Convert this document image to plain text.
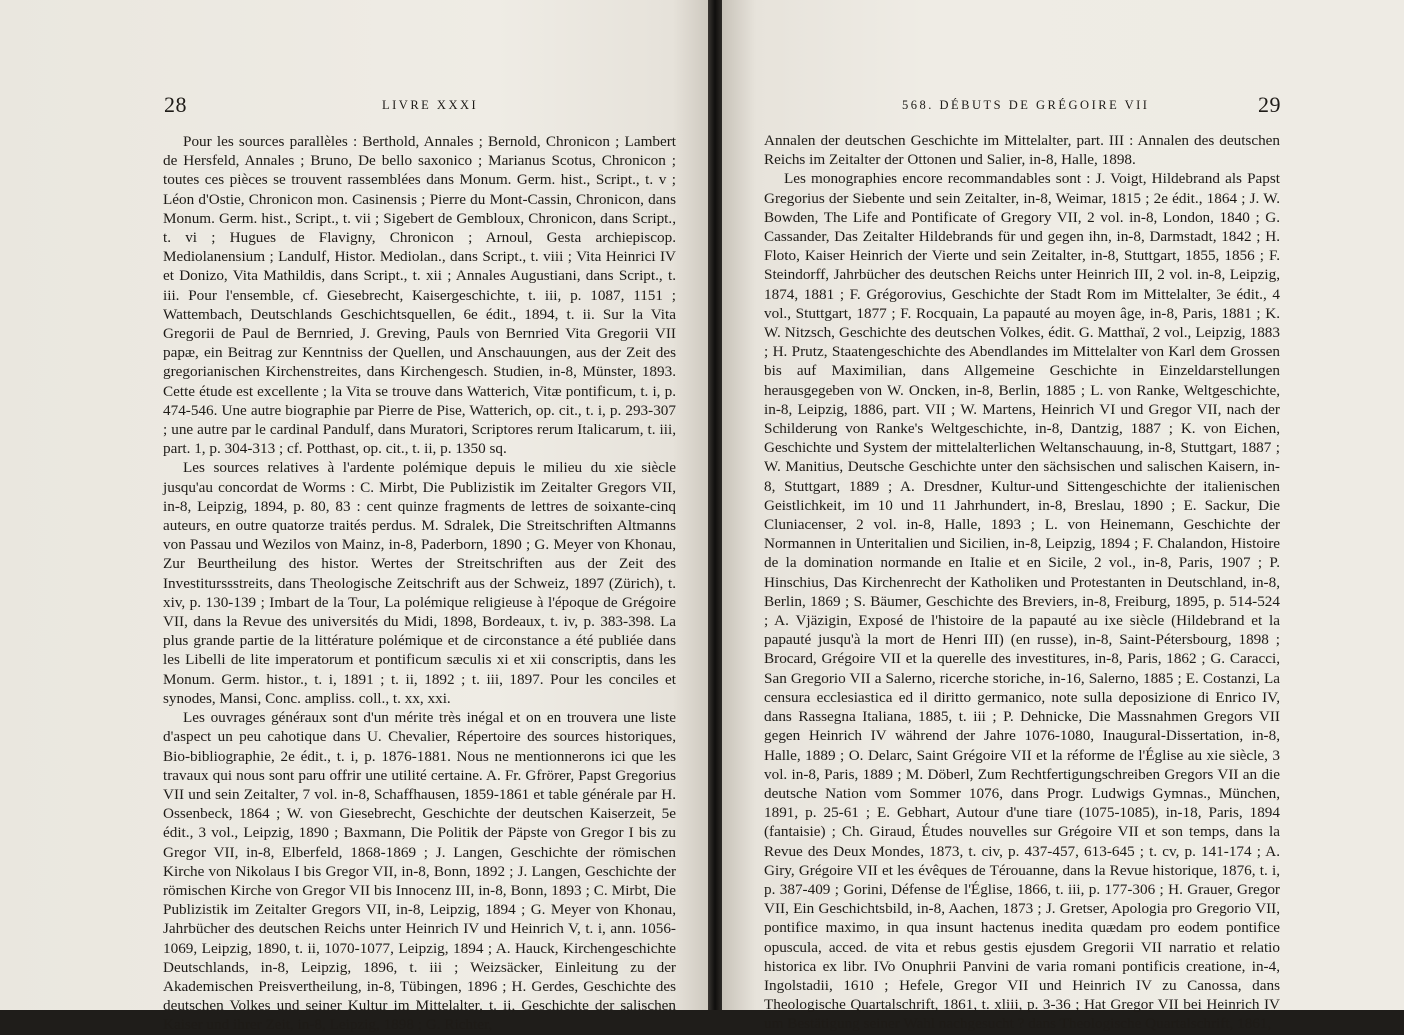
28	LIVRE XXXI

Pour les sources parallèles : Berthold, Annales ; Bernold, Chronicon ; Lambert de Hersfeld, Annales ; Bruno, De bello saxonico ; Marianus Scotus, Chronicon ; toutes ces pièces se trouvent rassemblées dans Monum. Germ. hist., Script., t. v ; Léon d'Ostie, Chronicon mon. Casinensis ; Pierre du Mont-Cassin, Chronicon, dans Monum. Germ. hist., Script., t. vii ; Sigebert de Gembloux, Chronicon, dans Script., t. vi ; Hugues de Flavigny, Chronicon ; Arnoul, Gesta archiepiscop. Mediolanensium ; Landulf, Histor. Mediolan., dans Script., t. viii ; Vita Heinrici IV et Donizo, Vita Mathildis, dans Script., t. xii ; Annales Augustiani, dans Script., t. iii. Pour l'ensemble, cf. Giesebrecht, Kaisergeschichte, t. iii, p. 1087, 1151 ; Wattembach, Deutschlands Geschichtsquellen, 6e édit., 1894, t. ii. Sur la Vita Gregorii de Paul de Bernried, J. Greving, Pauls von Bernried Vita Gregorii VII papæ, ein Beitrag zur Kenntniss der Quellen, und Anschauungen, aus der Zeit des gregorianischen Kirchenstreites, dans Kirchengesch. Studien, in-8, Münster, 1893. Cette étude est excellente ; la Vita se trouve dans Watterich, Vitæ pontificum, t. i, p. 474-546. Une autre biographie par Pierre de Pise, Watterich, op. cit., t. i, p. 293-307 ; une autre par le cardinal Pandulf, dans Muratori, Scriptores rerum Italicarum, t. iii, part. 1, p. 304-313 ; cf. Potthast, op. cit., t. ii, p. 1350 sq.

Les sources relatives à l'ardente polémique depuis le milieu du xie siècle jusqu'au concordat de Worms : C. Mirbt, Die Publizistik im Zeitalter Gregors VII, in-8, Leipzig, 1894, p. 80, 83 : cent quinze fragments de lettres de soixante-cinq auteurs, en outre quatorze traités perdus. M. Sdralek, Die Streitschriften Altmanns von Passau und Wezilos von Mainz, in-8, Paderborn, 1890 ; G. Meyer von Khonau, Zur Beurtheilung des histor. Wertes der Streitschriften aus der Zeit des Investiturssstreits, dans Theologische Zeitschrift aus der Schweiz, 1897 (Zürich), t. xiv, p. 130-139 ; Imbart de la Tour, La polémique religieuse à l'époque de Grégoire VII, dans la Revue des universités du Midi, 1898, Bordeaux, t. iv, p. 383-398. La plus grande partie de la littérature polémique et de circonstance a été publiée dans les Libelli de lite imperatorum et pontificum sæculis xi et xii conscriptis, dans les Monum. Germ. histor., t. i, 1891 ; t. ii, 1892 ; t. iii, 1897. Pour les conciles et synodes, Mansi, Conc. ampliss. coll., t. xx, xxi.

Les ouvrages généraux sont d'un mérite très inégal et on en trouvera une liste d'aspect un peu cahotique dans U. Chevalier, Répertoire des sources historiques, Bio-bibliographie, 2e édit., t. i, p. 1876-1881. Nous ne mentionnerons ici que les travaux qui nous sont paru offrir une utilité certaine. A. Fr. Gfrörer, Papst Gregorius VII und sein Zeitalter, 7 vol. in-8, Schaffhausen, 1859-1861 et table générale par H. Ossenbeck, 1864 ; W. von Giesebrecht, Geschichte der deutschen Kaiserzeit, 5e édit., 3 vol., Leipzig, 1890 ; Baxmann, Die Politik der Päpste von Gregor I bis zu Gregor VII, in-8, Elberfeld, 1868-1869 ; J. Langen, Geschichte der römischen Kirche von Nikolaus I bis Gregor VII, in-8, Bonn, 1892 ; J. Langen, Geschichte der römischen Kirche von Gregor VII bis Innocenz III, in-8, Bonn, 1893 ; C. Mirbt, Die Publizistik im Zeitalter Gregors VII, in-8, Leipzig, 1894 ; G. Meyer von Khonau, Jahrbücher des deutschen Reichs unter Heinrich IV und Heinrich V, t. i, ann. 1056-1069, Leipzig, 1890, t. ii, 1070-1077, Leipzig, 1894 ; A. Hauck, Kirchengeschichte Deutschlands, in-8, Leipzig, 1896, t. iii ; Weizsäcker, Einleitung zu der Akademischen Preisvertheilung, in-8, Tübingen, 1896 ; H. Gerdes, Geschichte des deutschen Volkes und seiner Kultur im Mittelalter, t. ii, Geschichte der salischen Kaiser und ihrer Zeit, in-8, Leipzig, 1898 ; G. Richter,

568. DÉBUTS DE GRÉGOIRE VII	29

Annalen der deutschen Geschichte im Mittelalter, part. III : Annalen des deutschen Reichs im Zeitalter der Ottonen und Salier, in-8, Halle, 1898.

Les monographies encore recommandables sont : J. Voigt, Hildebrand als Papst Gregorius der Siebente und sein Zeitalter, in-8, Weimar, 1815 ; 2e édit., 1864 ; J. W. Bowden, The Life and Pontificate of Gregory VII, 2 vol. in-8, London, 1840 ; G. Cassander, Das Zeitalter Hildebrands für und gegen ihn, in-8, Darmstadt, 1842 ; H. Floto, Kaiser Heinrich der Vierte und sein Zeitalter, in-8, Stuttgart, 1855, 1856 ; F. Steindorff, Jahrbücher des deutschen Reichs unter Heinrich III, 2 vol. in-8, Leipzig, 1874, 1881 ; F. Grégorovius, Geschichte der Stadt Rom im Mittelalter, 3e édit., 4 vol., Stuttgart, 1877 ; F. Rocquain, La papauté au moyen âge, in-8, Paris, 1881 ; K. W. Nitzsch, Geschichte des deutschen Volkes, édit. G. Matthaï, 2 vol., Leipzig, 1883 ; H. Prutz, Staatengeschichte des Abendlandes im Mittelalter von Karl dem Grossen bis auf Maximilian, dans Allgemeine Geschichte in Einzeldarstellungen herausgegeben von W. Oncken, in-8, Berlin, 1885 ; L. von Ranke, Weltgeschichte, in-8, Leipzig, 1886, part. VII ; W. Martens, Heinrich VI und Gregor VII, nach der Schilderung von Ranke's Weltgeschichte, in-8, Dantzig, 1887 ; K. von Eichen, Geschichte und System der mittelalterlichen Weltanschauung, in-8, Stuttgart, 1887 ; W. Manitius, Deutsche Geschichte unter den sächsischen und salischen Kaisern, in-8, Stuttgart, 1889 ; A. Dresdner, Kultur-und Sittengeschichte der italienischen Geistlichkeit, im 10 und 11 Jahrhundert, in-8, Breslau, 1890 ; E. Sackur, Die Cluniacenser, 2 vol. in-8, Halle, 1893 ; L. von Heinemann, Geschichte der Normannen in Unteritalien und Sicilien, in-8, Leipzig, 1894 ; F. Chalandon, Histoire de la domination normande en Italie et en Sicile, 2 vol., in-8, Paris, 1907 ; P. Hinschius, Das Kirchenrecht der Katholiken und Protestanten in Deutschland, in-8, Berlin, 1869 ; S. Bäumer, Geschichte des Breviers, in-8, Freiburg, 1895, p. 514-524 ; A. Vjäzigin, Exposé de l'histoire de la papauté au ixe siècle (Hildebrand et la papauté jusqu'à la mort de Henri III) (en russe), in-8, Saint-Pétersbourg, 1898 ; Brocard, Grégoire VII et la querelle des investitures, in-8, Paris, 1862 ; G. Caracci, San Gregorio VII a Salerno, ricerche storiche, in-16, Salerno, 1885 ; E. Costanzi, La censura ecclesiastica ed il diritto germanico, note sulla deposizione di Enrico IV, dans Rassegna Italiana, 1885, t. iii ; P. Dehnicke, Die Massnahmen Gregors VII gegen Heinrich IV während der Jahre 1076-1080, Inaugural-Dissertation, in-8, Halle, 1889 ; O. Delarc, Saint Grégoire VII et la réforme de l'Église au xie siècle, 3 vol. in-8, Paris, 1889 ; M. Döberl, Zum Rechtfertigungschreiben Gregors VII an die deutsche Nation vom Sommer 1076, dans Progr. Ludwigs Gymnas., München, 1891, p. 25-61 ; E. Gebhart, Autour d'une tiare (1075-1085), in-18, Paris, 1894 (fantaisie) ; Ch. Giraud, Études nouvelles sur Grégoire VII et son temps, dans la Revue des Deux Mondes, 1873, t. civ, p. 437-457, 613-645 ; t. cv, p. 141-174 ; A. Giry, Grégoire VII et les évêques de Térouanne, dans la Revue historique, 1876, t. i, p. 387-409 ; Gorini, Défense de l'Église, 1866, t. iii, p. 177-306 ; H. Grauer, Gregor VII, Ein Geschichtsbild, in-8, Aachen, 1873 ; J. Gretser, Apologia pro Gregorio VII, pontifice maximo, in qua insunt hactenus inedita quædam pro eodem pontifice opuscula, acced. de vita et rebus gestis ejusdem Gregorii VII narratio et relatio historica ex libr. IVo Onuphrii Panvini de varia romani pontificis creatione, in-4, Ingolstadii, 1610 ; Hefele, Gregor VII und Heinrich IV zu Canossa, dans Theologische Quartalschrift, 1861, t. xliii, p. 3-36 ; Hat Gregor VII bei Heinrich IV um Bestätigung seiner Wahl nachgesucht ? dans Theologische Quartalschrift, 1861,
